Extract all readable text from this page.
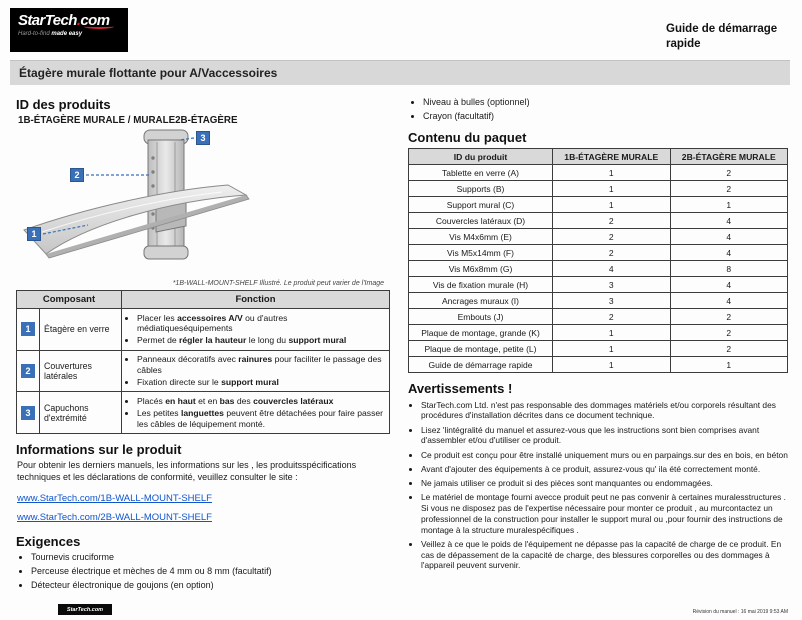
StarTech.com
Hard-to-find made easy	Guide de démarrage rapide
Étagère murale flottante pour A/Vaccessoires
ID des produits
1B-ÉTAGÈRE MURALE / MURALE2B-ÉTAGÈRE
1
2
3
*1B-WALL-MOUNT-SHELF Illustré. Le produit peut varier de l'Image
Composant		Fonction

1	Étagère en verre	
• Placer les accessoires A/V ou d'autres médiatiqueséquipements
• Permet de régler la hauteur le long du support mural

2	Couvertures latérales	
• Panneaux décoratifs avec rainures pour faciliter le passage des câbles
• Fixation directe sur le support mural

3	Capuchons d'extrémité	
• Placés en haut et en bas des couvercles latéraux
• Les petites languettes peuvent être détachées pour faire passer les câbles de léquipement monté.
Informations sur le produit
Pour obtenir les derniers manuels, les informations sur les , les produitsspécifications techniques et les déclarations de conformité, veuillez consulter le site :
www.StarTech.com/1B-WALL-MOUNT-SHELF
www.StarTech.com/2B-WALL-MOUNT-SHELF

Exigences
• Tournevis cruciforme
• Perceuse électrique et mèches de 4 mm ou 8 mm (facultatif)
• Détecteur électronique de goujons (en option)
• Niveau à bulles (optionnel)
• Crayon (facultatif)
Contenu du paquet
ID du produit	1B-ÉTAGÈRE MURALE	2B-ÉTAGÈRE MURALE
Tablette en verre (A)	1	2
Supports (B)	1	2
Support mural (C)	1	1
Couvercles latéraux (D)	2	4
Vis M4x6mm (E)	2	4
Vis M5x14mm (F)	2	4
Vis M6x8mm (G)	4	8
Vis de fixation murale (H)	3	4
Ancrages muraux (I)	3	4
Embouts (J)	2	2
Plaque de montage, grande (K)	1	2
Plaque de montage, petite (L)	1	2
Guide de démarrage rapide	1	1
Avertissements !
• StarTech.com Ltd. n'est pas responsable des dommages matériels et/ou corporels résultant des procédures d'installation décrites dans ce document technique.
• Lisez 'lintégralité du manuel et assurez-vous que les instructions sont bien comprises avant d'assembler et/ou d'utiliser ce produit.
• Ce produit est conçu pour être installé uniquement murs ou en parpaings.sur des en bois, en béton
• Avant d'ajouter des équipements à ce produit, assurez-vous qu' ila été correctement monté.
• Ne jamais utiliser ce produit si des pièces sont manquantes ou endommagées.
• Le matériel de montage fourni avecce produit peut ne pas convenir à certaines muralesstructures . Si vous ne disposez pas de l'expertise nécessaire pour monter ce produit , au murcontactez un professionnel de la construction pour installer le support mural ou ,pour fournir des instructions de montage à la structure muralespécifiques .
• Veillez à ce que le poids de l'équipement ne dépasse pas la capacité de charge de ce produit. En cas de dépassement de la capacité de charge, des blessures corporelles ou des dommages à l'appareil peuvent survenir.
StarTech.com	Révision du manuel : 16 mai 2019 9:53 AM
